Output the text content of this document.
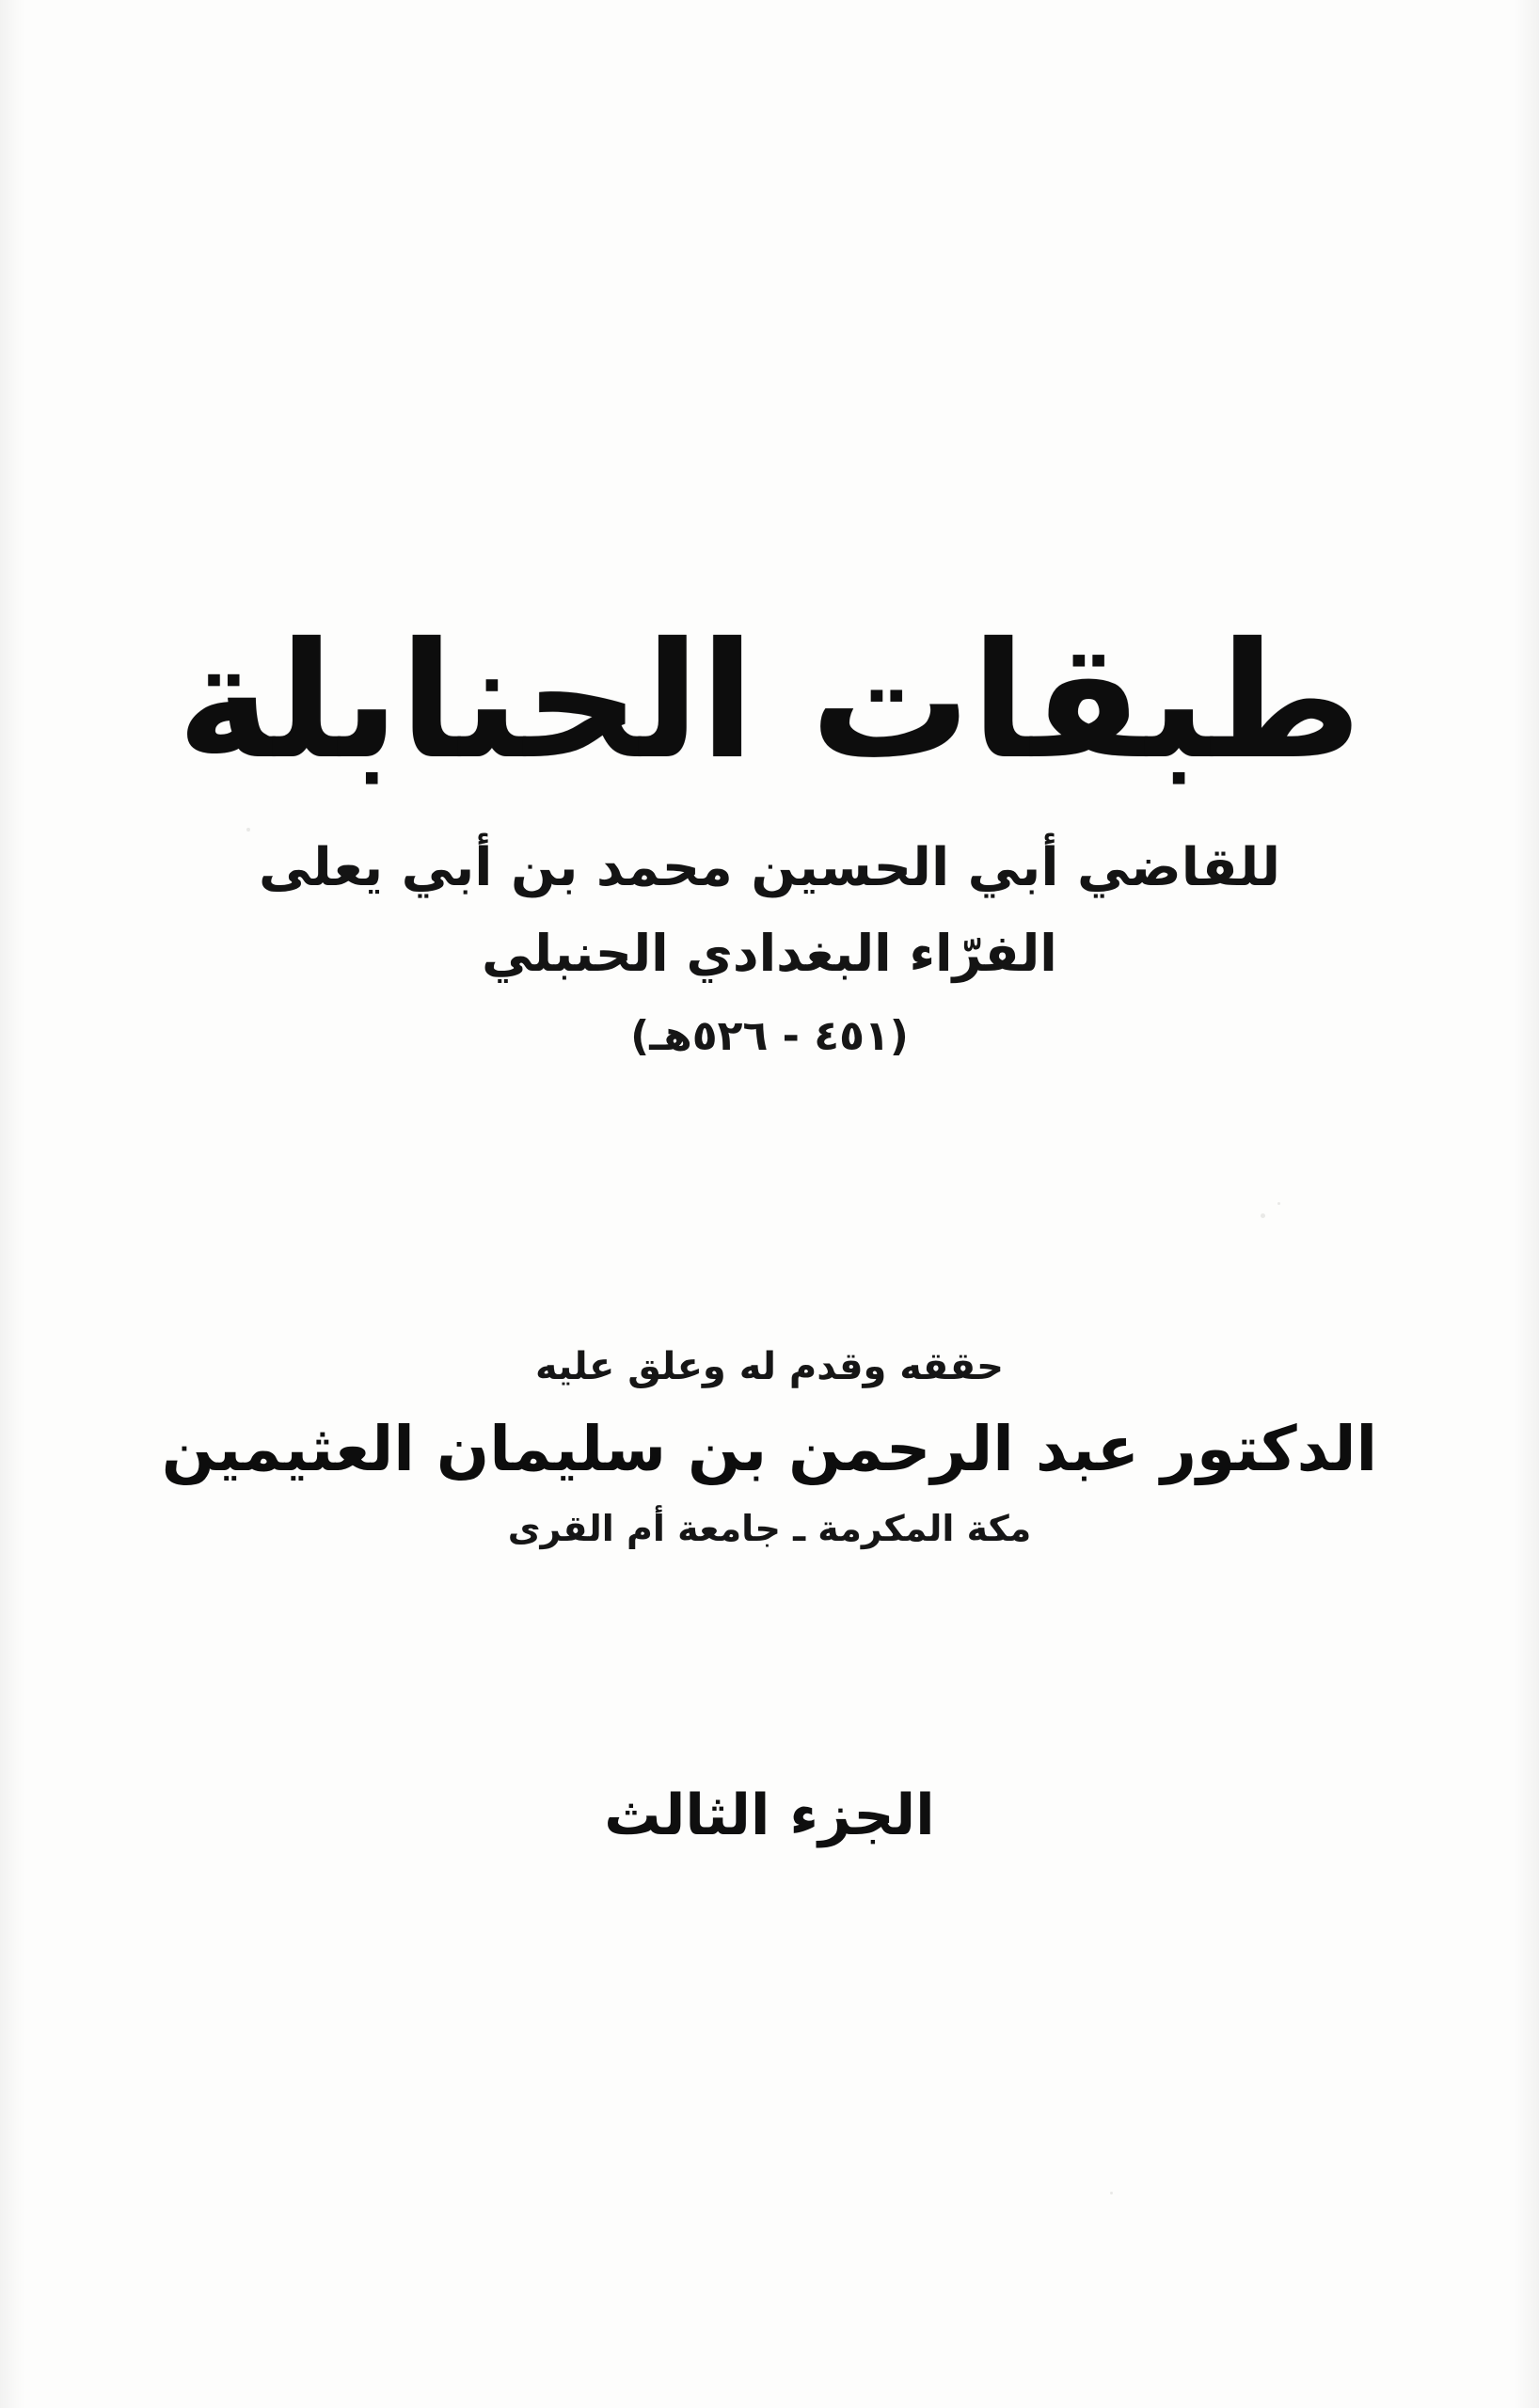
طبقات الحنابلة
للقاضي أبي الحسين محمد بن أبي يعلى
الفرّاء البغدادي الحنبلي
(٤٥١ - ٥٢٦هـ)
حققه وقدم له وعلق عليه
الدكتور عبد الرحمن بن سليمان العثيمين
مكة المكرمة ـ جامعة أم القرى
الجزء الثالث
